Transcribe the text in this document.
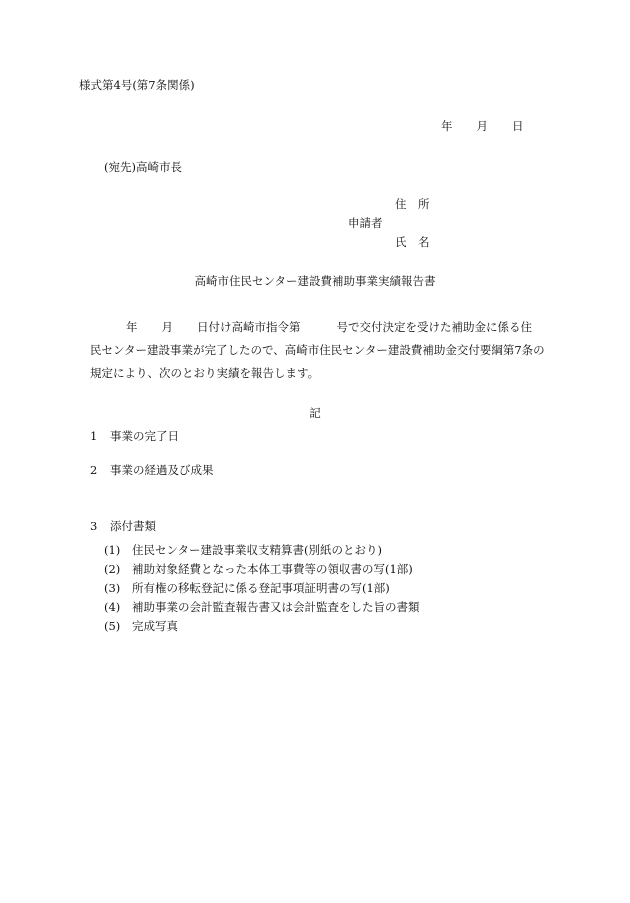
様式第4号(第7条関係)
年 月 日
(宛先)高崎市長
住　所
申請者
氏　名
高崎市住民センター建設費補助事業実績報告書
年 月 日付け高崎市指令第	号で交付決定を受けた補助金に係る住
民センター建設事業が完了したので、高崎市住民センター建設費補助金交付要綱第7条の
規定により、次のとおり実績を報告します。
記
1 事業の完了日
2 事業の経過及び成果
3 添付書類
(1) 住民センター建設事業収支精算書(別紙のとおり)
(2) 補助対象経費となった本体工事費等の領収書の写(1部)
(3) 所有権の移転登記に係る登記事項証明書の写(1部)
(4) 補助事業の会計監査報告書又は会計監査をした旨の書類
(5) 完成写真
